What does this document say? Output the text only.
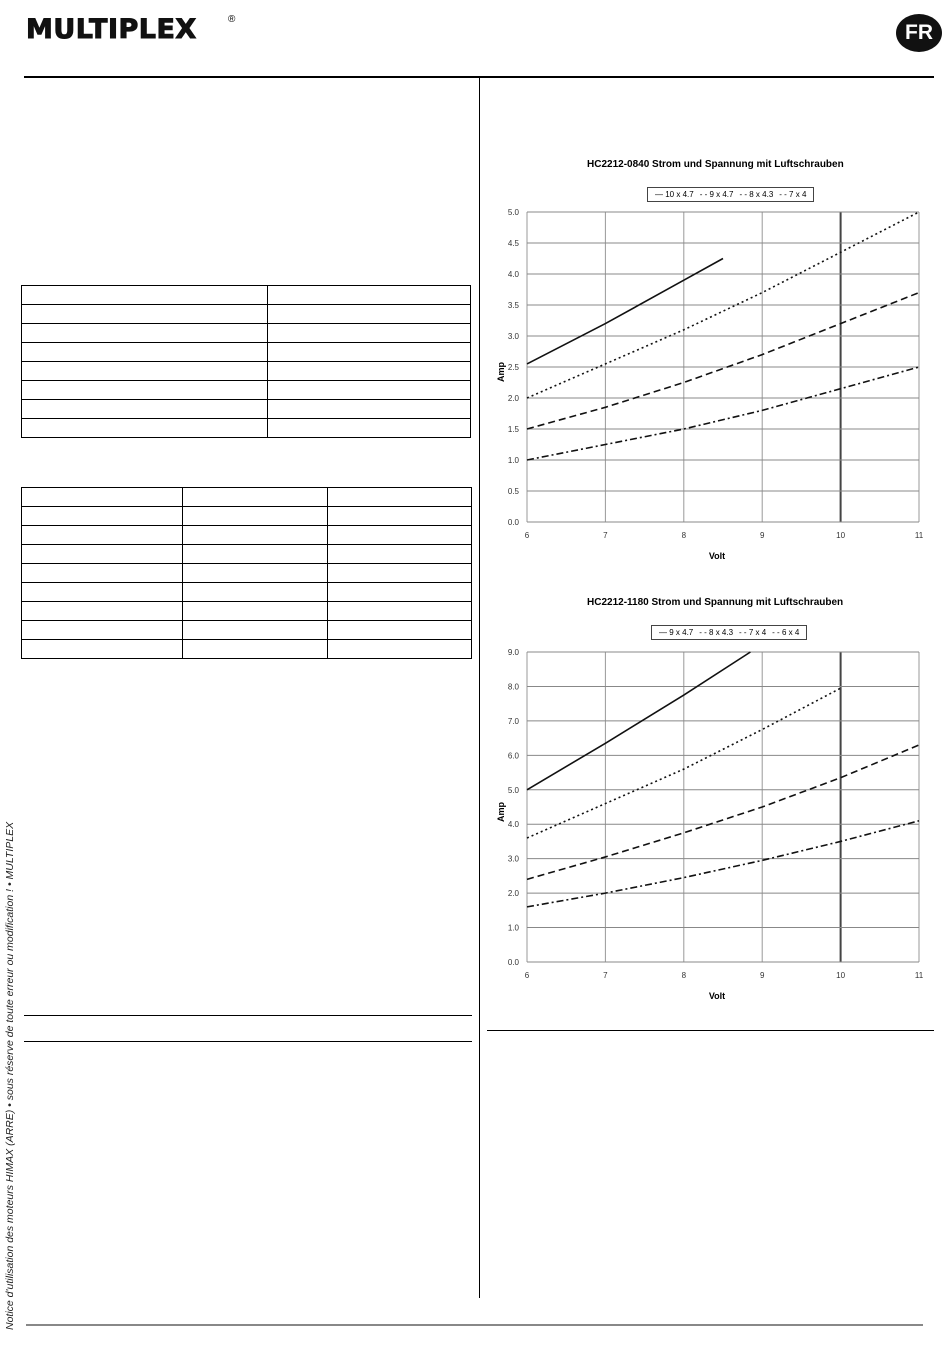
MULTIPLEX	®
FR
Notice d'utilisation des moteurs HIMAX (ARRE) • sous réserve de toute erreur ou modification ! • MULTIPLEX

HC2212-0840 Strom und Spannung mit Luftschrauben
— 10 x 4.7 - - 9 x 4.7 - - 8 x 4.3 - - 7 x 4
6	7	8	9	10	11
0.0
0.5
1.0
1.5
2.0
2.5
3.0
3.5
4.0
4.5
5.0
Volt
Amp
HC2212-1180 Strom und Spannung mit Luftschrauben
— 9 x 4.7 - - 8 x 4.3 - - 7 x 4 - - 6 x 4
6	7	8	9	10	11
0.0
1.0
2.0
3.0
4.0
5.0
6.0
7.0
8.0
9.0
Volt
Amp
